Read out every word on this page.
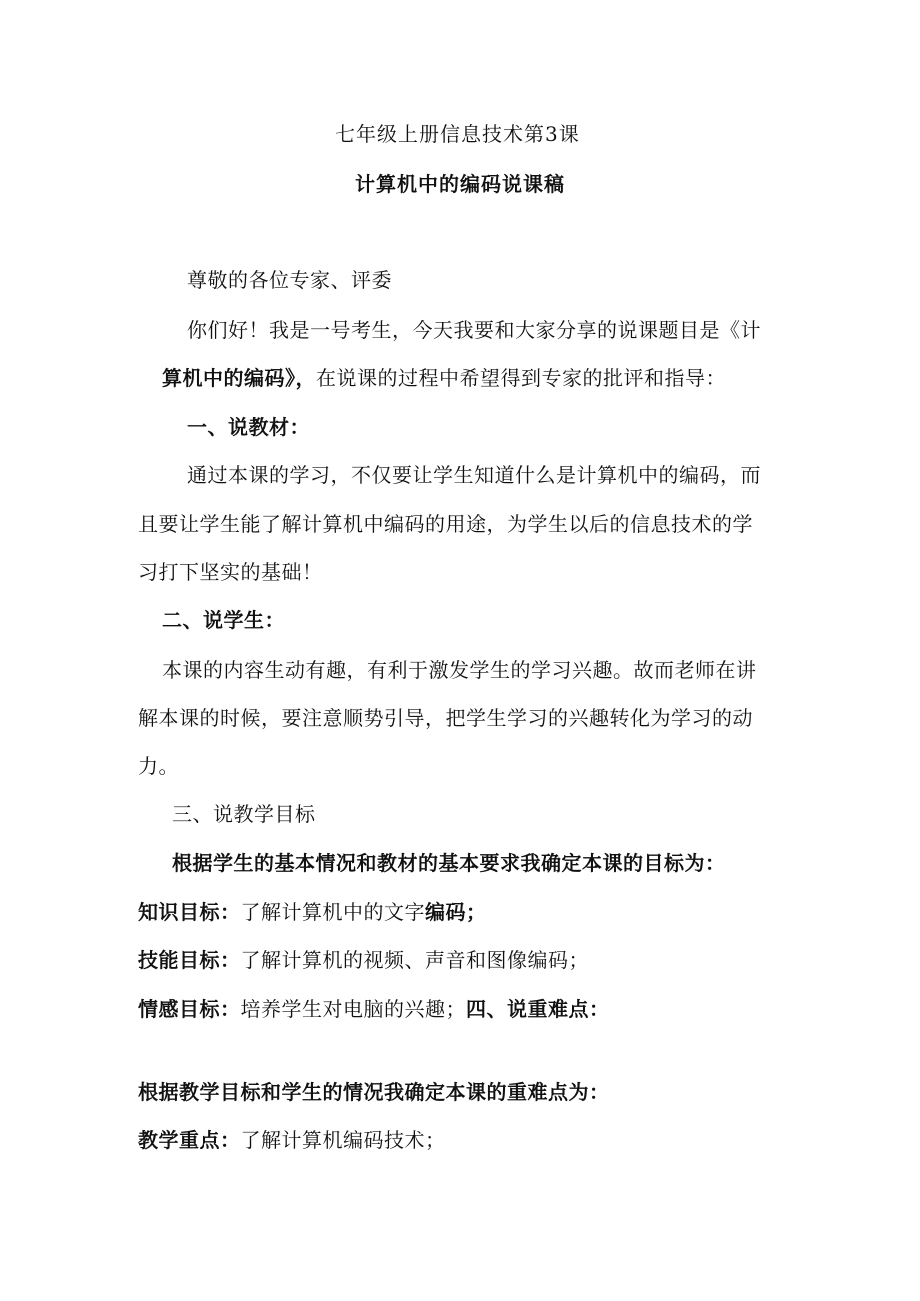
七年级上册信息技术第3课
计算机中的编码说课稿
尊敬的各位专家、评委
你们好！我是一号考生，今天我要和大家分享的说课题目是《计
算机中的编码》，在说课的过程中希望得到专家的批评和指导：
一、说教材：
通过本课的学习，不仅要让学生知道什么是计算机中的编码，而
且要让学生能了解计算机中编码的用途，为学生以后的信息技术的学
习打下坚实的基础！
二、说学生：
本课的内容生动有趣，有利于激发学生的学习兴趣。故而老师在讲
解本课的时候，要注意顺势引导，把学生学习的兴趣转化为学习的动
力。
三、说教学目标
根据学生的基本情况和教材的基本要求我确定本课的目标为：
知识目标：了解计算机中的文字编码；
技能目标：了解计算机的视频、声音和图像编码；
情感目标：培养学生对电脑的兴趣；四、说重难点：
根据教学目标和学生的情况我确定本课的重难点为：
教学重点：了解计算机编码技术；
